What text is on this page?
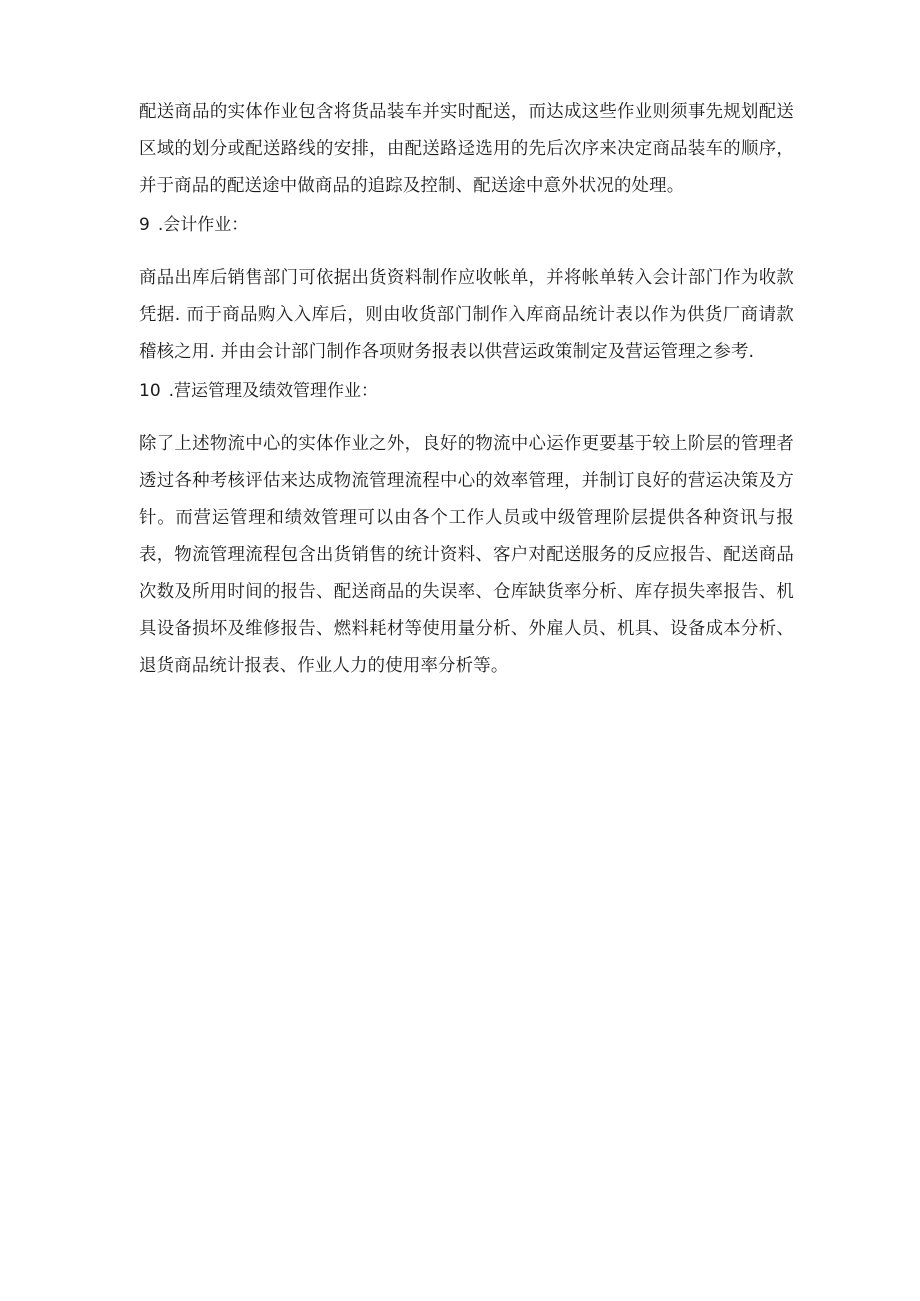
配送商品的实体作业包含将货品装车并实时配送，而达成这些作业则须事先规划配送区域的划分或配送路线的安排，由配送路迳选用的先后次序来决定商品装车的顺序，并于商品的配送途中做商品的追踪及控制、配送途中意外状况的处理。

9 .会计作业：

商品出库后销售部门可依据出货资料制作应收帐单，并将帐单转入会计部门作为收款凭据. 而于商品购入入库后，则由收货部门制作入库商品统计表以作为供货厂商请款稽核之用. 并由会计部门制作各项财务报表以供营运政策制定及营运管理之参考.

10 .营运管理及绩效管理作业：

除了上述物流中心的实体作业之外，良好的物流中心运作更要基于较上阶层的管理者透过各种考核评估来达成物流管理流程中心的效率管理，并制订良好的营运决策及方针。而营运管理和绩效管理可以由各个工作人员或中级管理阶层提供各种资讯与报表，物流管理流程包含出货销售的统计资料、客户对配送服务的反应报告、配送商品次数及所用时间的报告、配送商品的失误率、仓库缺货率分析、库存损失率报告、机具设备损坏及维修报告、燃料耗材等使用量分析、外雇人员、机具、设备成本分析、退货商品统计报表、作业人力的使用率分析等。
